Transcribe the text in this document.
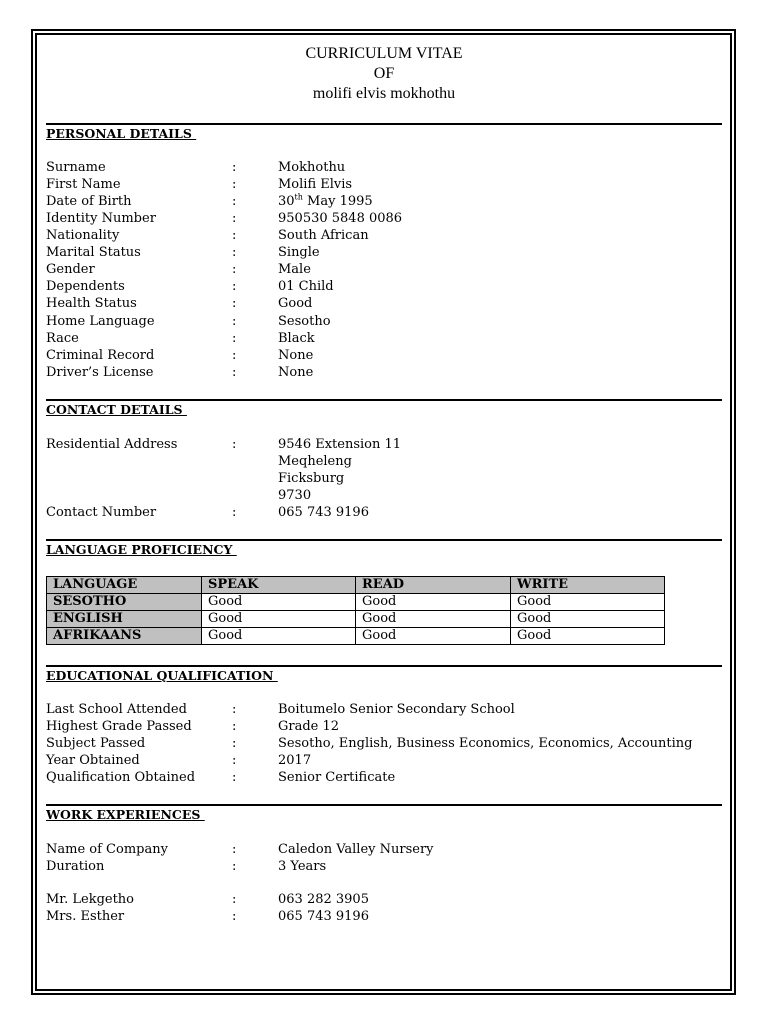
CURRICULUM VITAE
OF
molifi elvis mokhothu
PERSONAL DETAILS
Surname	:	Mokhothu
First Name	:	Molifi Elvis
Date of Birth	:	30th May 1995
Identity Number	:	950530 5848 0086
Nationality	:	South African
Marital Status	:	Single
Gender	:	Male
Dependents	:	01 Child
Health Status	:	Good
Home Language	:	Sesotho
Race	:	Black
Criminal Record	:	None
Driver’s License	:	None
CONTACT DETAILS
Residential Address	:	9546 Extension 11
Meqheleng
Ficksburg
9730
Contact Number	:	065 743 9196
LANGUAGE PROFICIENCY
LANGUAGE	SPEAK	READ	WRITE
SESOTHO	Good	Good	Good
ENGLISH	Good	Good	Good
AFRIKAANS	Good	Good	Good
EDUCATIONAL QUALIFICATION
Last School Attended	:	Boitumelo Senior Secondary School
Highest Grade Passed	:	Grade 12
Subject Passed	:	Sesotho, English, Business Economics, Economics, Accounting
Year Obtained	:	2017
Qualification Obtained	:	Senior Certificate
WORK EXPERIENCES
Name of Company	:	Caledon Valley Nursery
Duration	:	3 Years
Mr. Lekgetho	:	063 282 3905
Mrs. Esther	:	065 743 9196
